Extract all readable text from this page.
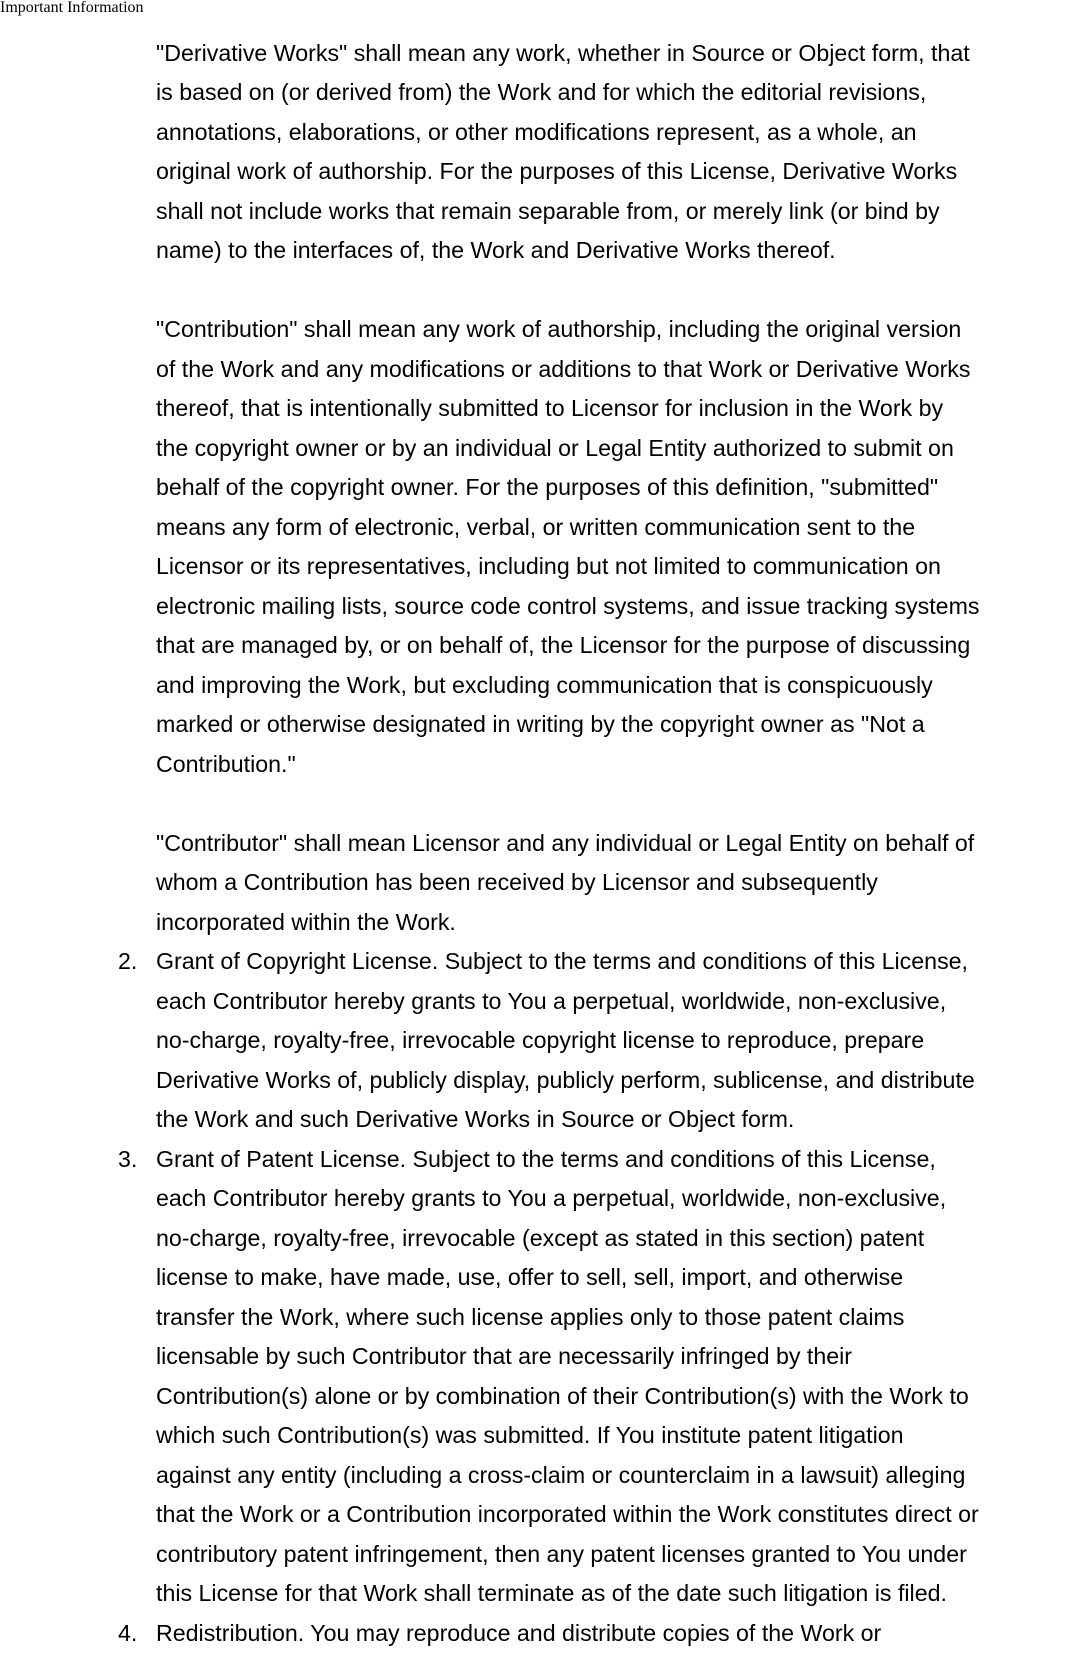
Important Information
"Derivative Works" shall mean any work, whether in Source or Object form, that
is based on (or derived from) the Work and for which the editorial revisions,
annotations, elaborations, or other modifications represent, as a whole, an
original work of authorship. For the purposes of this License, Derivative Works
shall not include works that remain separable from, or merely link (or bind by
name) to the interfaces of, the Work and Derivative Works thereof.
"Contribution" shall mean any work of authorship, including the original version
of the Work and any modifications or additions to that Work or Derivative Works
thereof, that is intentionally submitted to Licensor for inclusion in the Work by
the copyright owner or by an individual or Legal Entity authorized to submit on
behalf of the copyright owner. For the purposes of this definition, "submitted"
means any form of electronic, verbal, or written communication sent to the
Licensor or its representatives, including but not limited to communication on
electronic mailing lists, source code control systems, and issue tracking systems
that are managed by, or on behalf of, the Licensor for the purpose of discussing
and improving the Work, but excluding communication that is conspicuously
marked or otherwise designated in writing by the copyright owner as "Not a
Contribution."
"Contributor" shall mean Licensor and any individual or Legal Entity on behalf of
whom a Contribution has been received by Licensor and subsequently
incorporated within the Work.
2. Grant of Copyright License. Subject to the terms and conditions of this License,
each Contributor hereby grants to You a perpetual, worldwide, non-exclusive,
no-charge, royalty-free, irrevocable copyright license to reproduce, prepare
Derivative Works of, publicly display, publicly perform, sublicense, and distribute
the Work and such Derivative Works in Source or Object form.
3. Grant of Patent License. Subject to the terms and conditions of this License,
each Contributor hereby grants to You a perpetual, worldwide, non-exclusive,
no-charge, royalty-free, irrevocable (except as stated in this section) patent
license to make, have made, use, offer to sell, sell, import, and otherwise
transfer the Work, where such license applies only to those patent claims
licensable by such Contributor that are necessarily infringed by their
Contribution(s) alone or by combination of their Contribution(s) with the Work to
which such Contribution(s) was submitted. If You institute patent litigation
against any entity (including a cross-claim or counterclaim in a lawsuit) alleging
that the Work or a Contribution incorporated within the Work constitutes direct or
contributory patent infringement, then any patent licenses granted to You under
this License for that Work shall terminate as of the date such litigation is filed.
4. Redistribution. You may reproduce and distribute copies of the Work or
